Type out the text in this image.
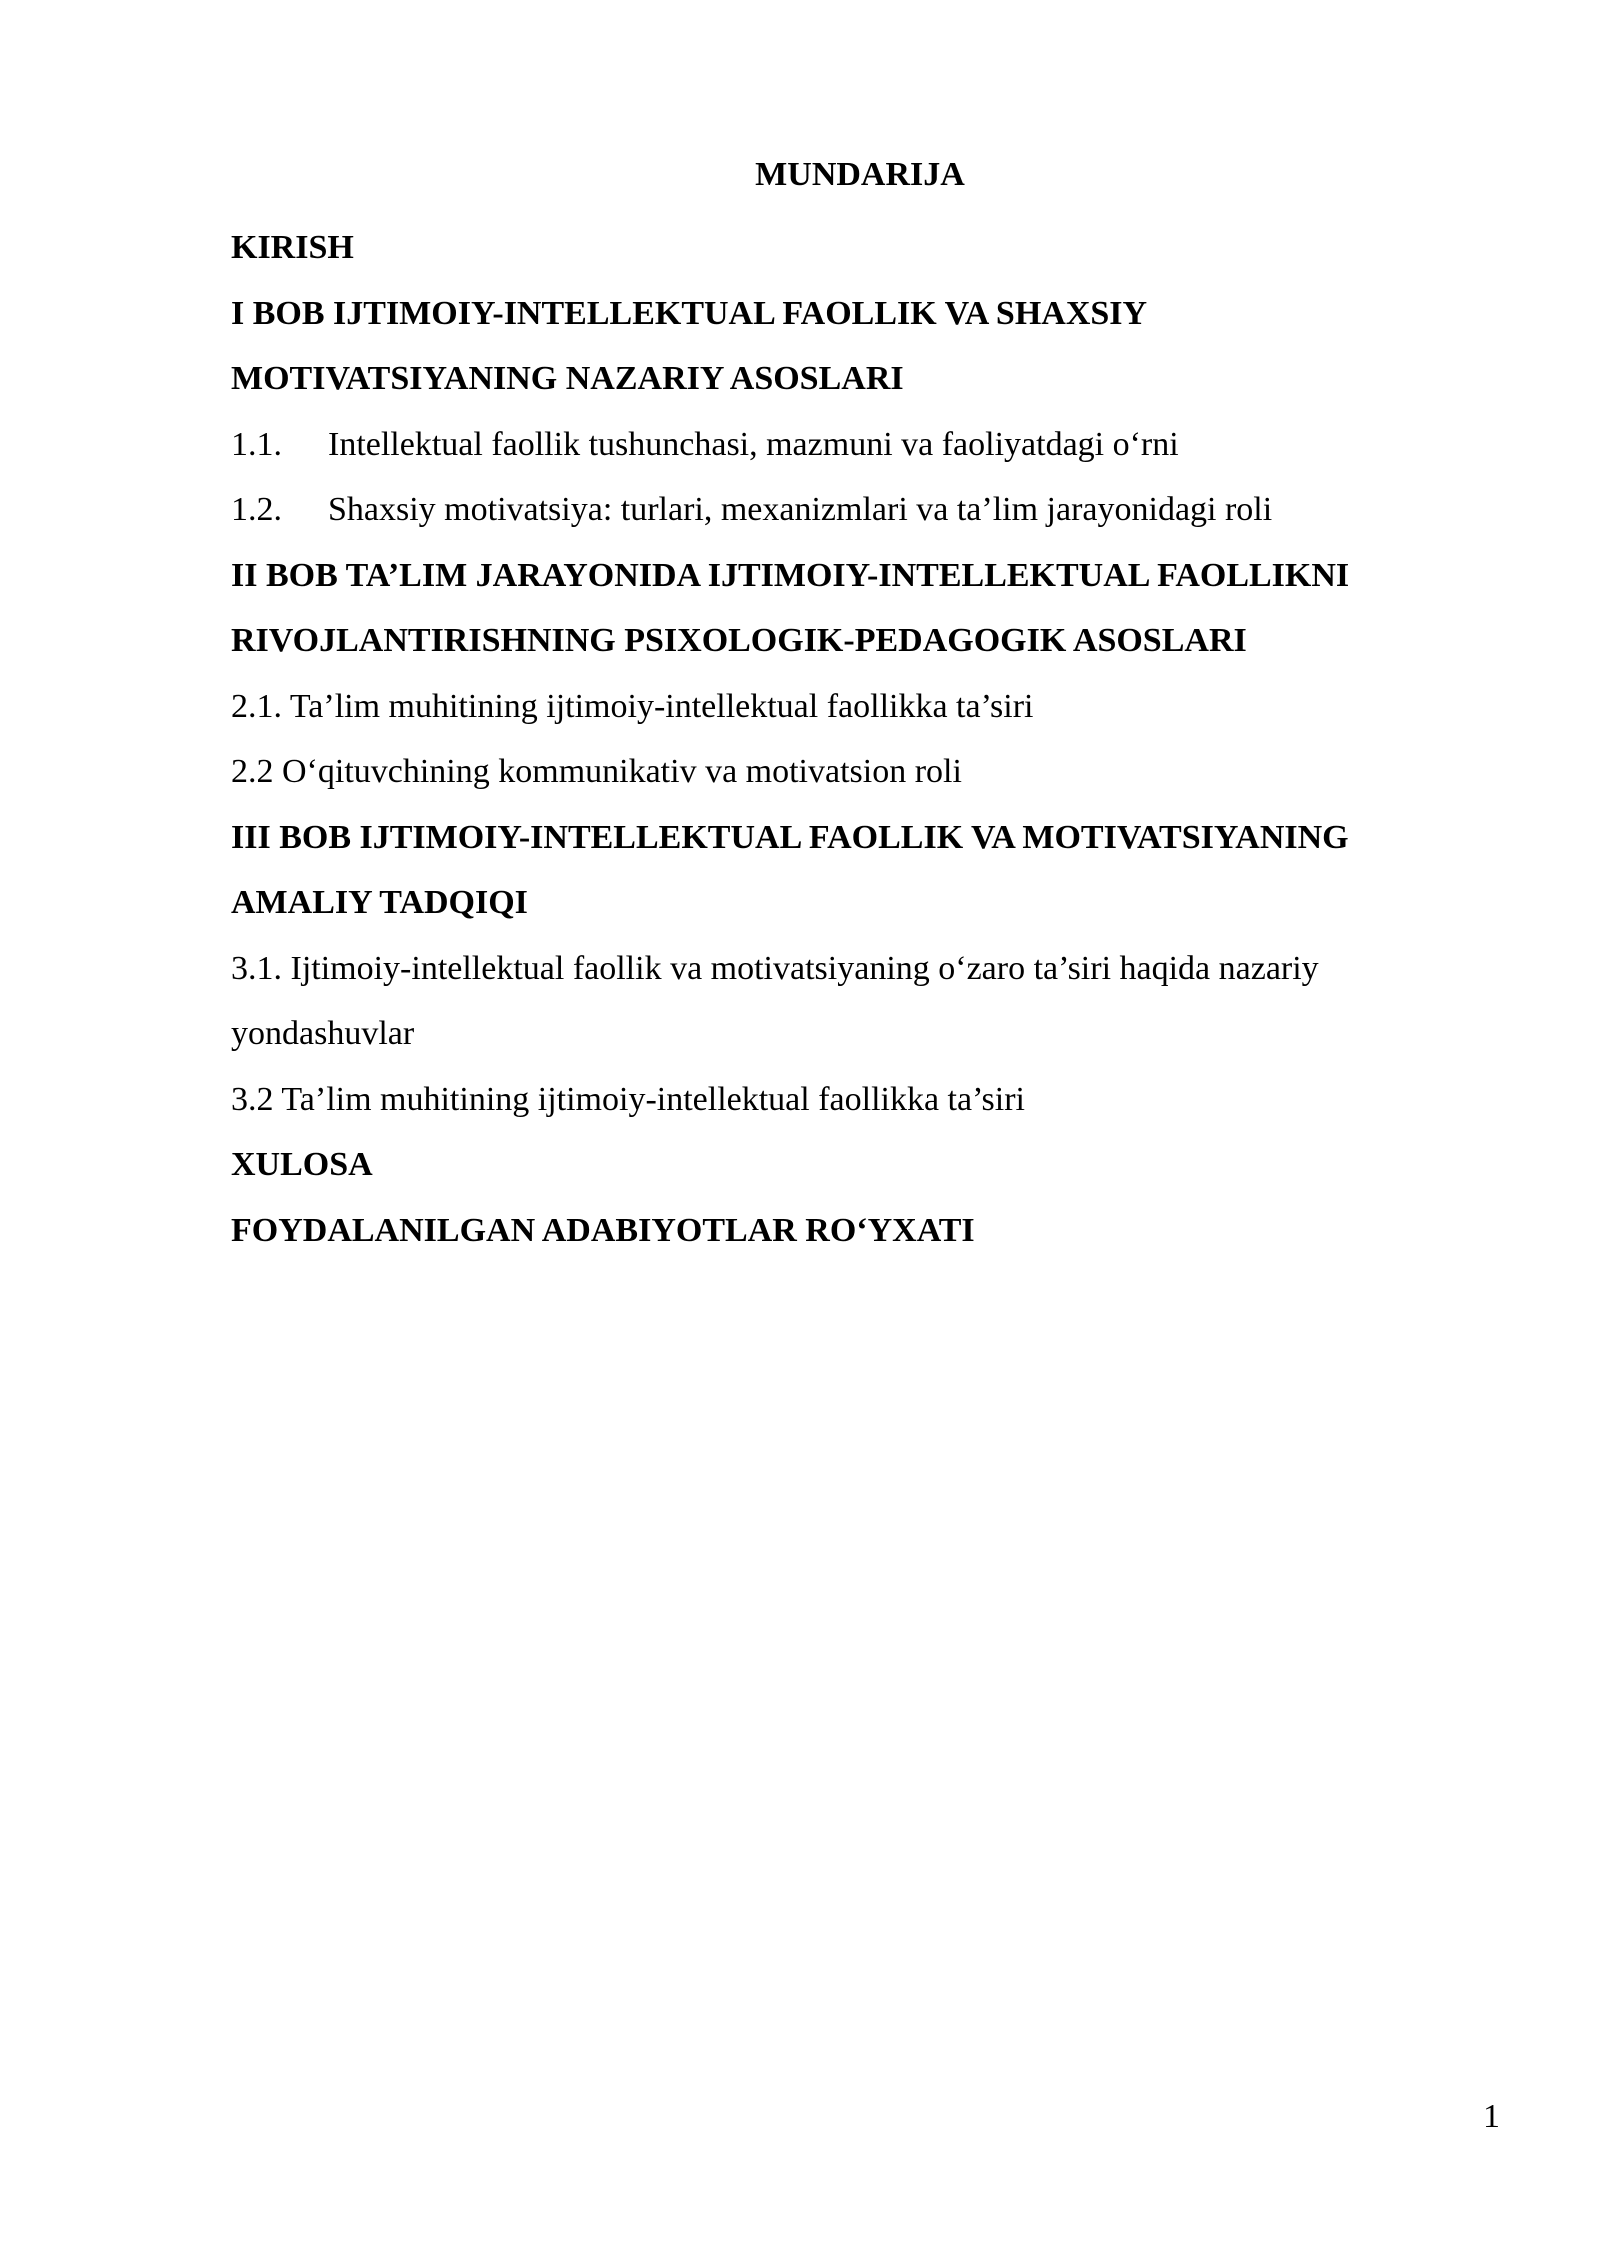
MUNDARIJA
KIRISH
I BOB IJTIMOIY-INTELLEKTUAL FAOLLIK VA SHAXSIY
MOTIVATSIYANING NAZARIY ASOSLARI
1.1. Intellektual faollik tushunchasi, mazmuni va faoliyatdagi o‘rni
1.2. Shaxsiy motivatsiya: turlari, mexanizmlari va ta’lim jarayonidagi roli
II BOB TA’LIM JARAYONIDA IJTIMOIY-INTELLEKTUAL FAOLLIKNI
RIVOJLANTIRISHNING PSIXOLOGIK-PEDAGOGIK ASOSLARI
2.1. Ta’lim muhitining ijtimoiy-intellektual faollikka ta’siri
2.2 O‘qituvchining kommunikativ va motivatsion roli
III BOB IJTIMOIY-INTELLEKTUAL FAOLLIK VA MOTIVATSIYANING
AMALIY TADQIQI
3.1. Ijtimoiy-intellektual faollik va motivatsiyaning o‘zaro ta’siri haqida nazariy
yondashuvlar
3.2 Ta’lim muhitining ijtimoiy-intellektual faollikka ta’siri
XULOSA
FOYDALANILGAN ADABIYOTLAR RO‘YXATI

1
